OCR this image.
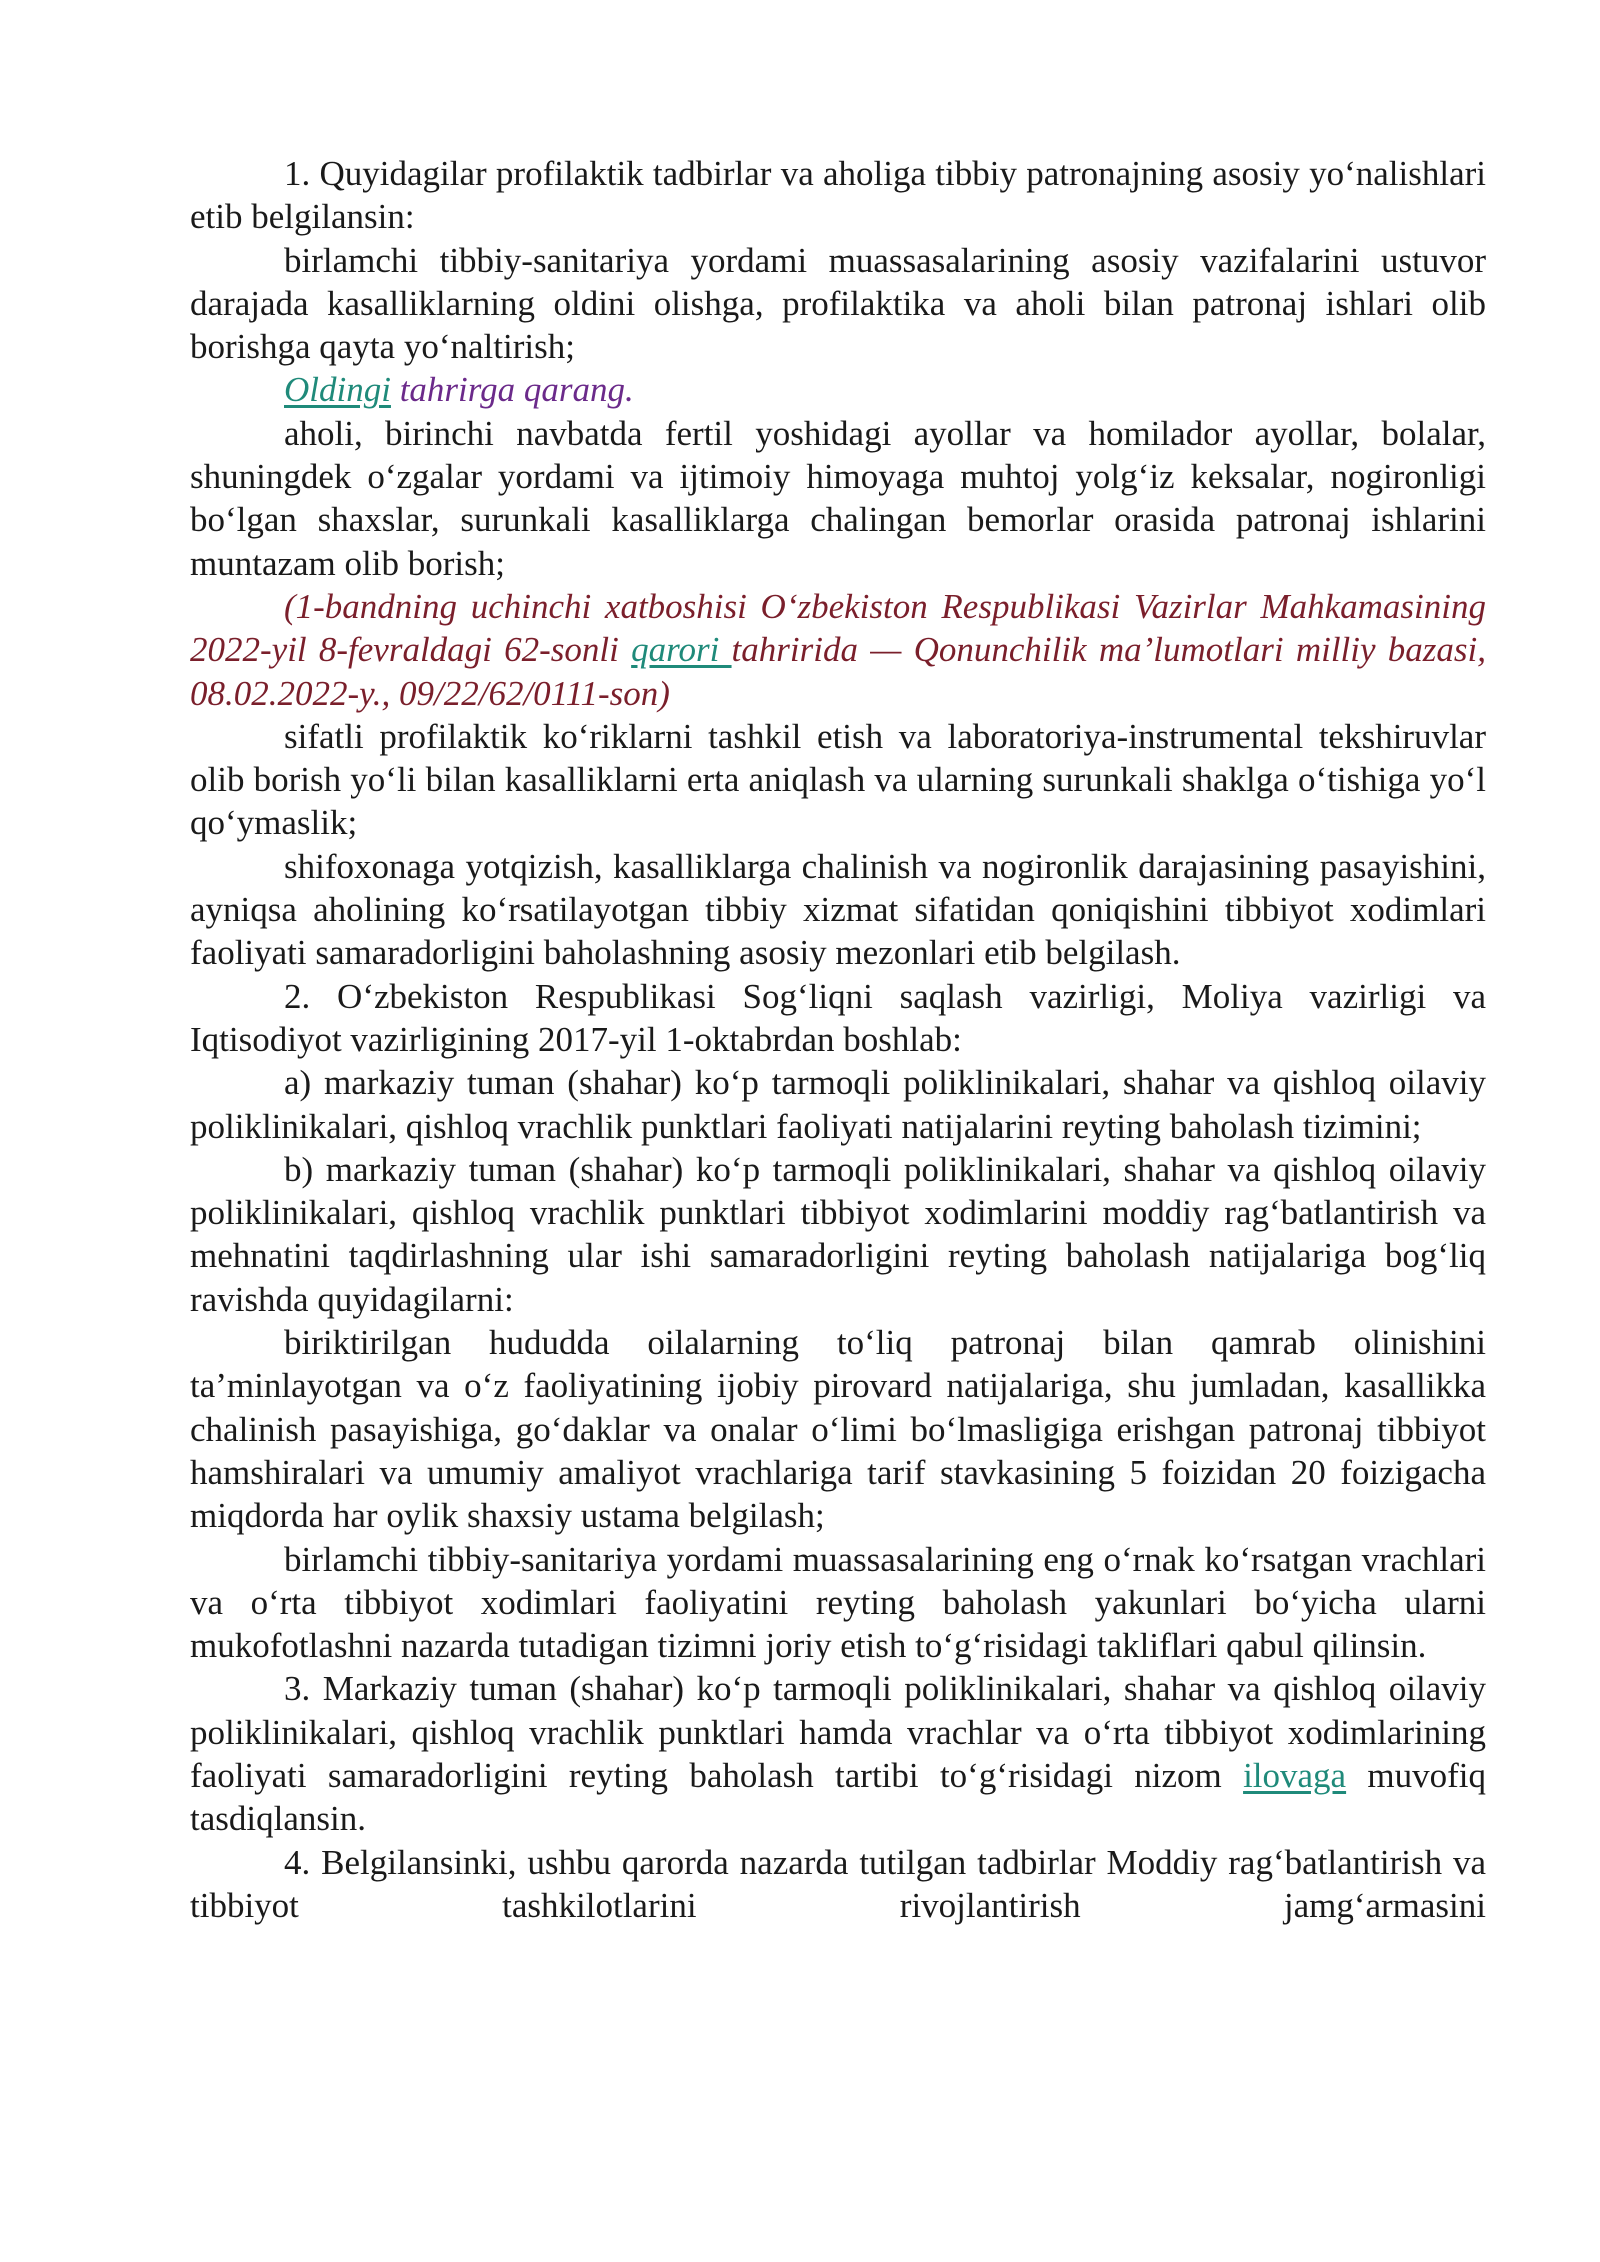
1. Quyidagilar profilaktik tadbirlar va aholiga tibbiy patronajning asosiy yo‘nalishlari etib belgilansin:

birlamchi tibbiy-sanitariya yordami muassasalarining asosiy vazifalarini ustuvor darajada kasalliklarning oldini olishga, profilaktika va aholi bilan patronaj ishlari olib borishga qayta yo‘naltirish;

Oldingi tahrirga qarang.

aholi, birinchi navbatda fertil yoshidagi ayollar va homilador ayollar, bolalar, shuningdek o‘zgalar yordami va ijtimoiy himoyaga muhtoj yolg‘iz keksalar, nogironligi bo‘lgan shaxslar, surunkali kasalliklarga chalingan bemorlar orasida patronaj ishlarini muntazam olib borish;

(1-bandning uchinchi xatboshisi O‘zbekiston Respublikasi Vazirlar Mahkamasining 2022-yil 8-fevraldagi 62-sonli qarori tahririda — Qonunchilik ma’lumotlari milliy bazasi, 08.02.2022-y., 09/22/62/0111-son)

sifatli profilaktik ko‘riklarni tashkil etish va laboratoriya-instrumental tekshiruvlar olib borish yo‘li bilan kasalliklarni erta aniqlash va ularning surunkali shaklga o‘tishiga yo‘l qo‘ymaslik;

shifoxonaga yotqizish, kasalliklarga chalinish va nogironlik darajasining pasayishini, ayniqsa aholining ko‘rsatilayotgan tibbiy xizmat sifatidan qoniqishini tibbiyot xodimlari faoliyati samaradorligini baholashning asosiy mezonlari etib belgilash.

2. O‘zbekiston Respublikasi Sog‘liqni saqlash vazirligi, Moliya vazirligi va Iqtisodiyot vazirligining 2017-yil 1-oktabrdan boshlab:

a) markaziy tuman (shahar) ko‘p tarmoqli poliklinikalari, shahar va qishloq oilaviy poliklinikalari, qishloq vrachlik punktlari faoliyati natijalarini reyting baholash tizimini;

b) markaziy tuman (shahar) ko‘p tarmoqli poliklinikalari, shahar va qishloq oilaviy poliklinikalari, qishloq vrachlik punktlari tibbiyot xodimlarini moddiy rag‘batlantirish va mehnatini taqdirlashning ular ishi samaradorligini reyting baholash natijalariga bog‘liq ravishda quyidagilarni:

biriktirilgan hududda oilalarning to‘liq patronaj bilan qamrab olinishini ta’minlayotgan va o‘z faoliyatining ijobiy pirovard natijalariga, shu jumladan, kasallikka chalinish pasayishiga, go‘daklar va onalar o‘limi bo‘lmasligiga erishgan patronaj tibbiyot hamshiralari va umumiy amaliyot vrachlariga tarif stavkasining 5 foizidan 20 foizigacha miqdorda har oylik shaxsiy ustama belgilash;

birlamchi tibbiy-sanitariya yordami muassasalarining eng o‘rnak ko‘rsatgan vrachlari va o‘rta tibbiyot xodimlari faoliyatini reyting baholash yakunlari bo‘yicha ularni mukofotlashni nazarda tutadigan tizimni joriy etish to‘g‘risidagi takliflari qabul qilinsin.

3. Markaziy tuman (shahar) ko‘p tarmoqli poliklinikalari, shahar va qishloq oilaviy poliklinikalari, qishloq vrachlik punktlari hamda vrachlar va o‘rta tibbiyot xodimlarining faoliyati samaradorligini reyting baholash tartibi to‘g‘risidagi nizom ilovaga muvofiq tasdiqlansin.

4. Belgilansinki, ushbu qarorda nazarda tutilgan tadbirlar Moddiy rag‘batlantirish va tibbiyot tashkilotlarini rivojlantirish jamg‘armasini
